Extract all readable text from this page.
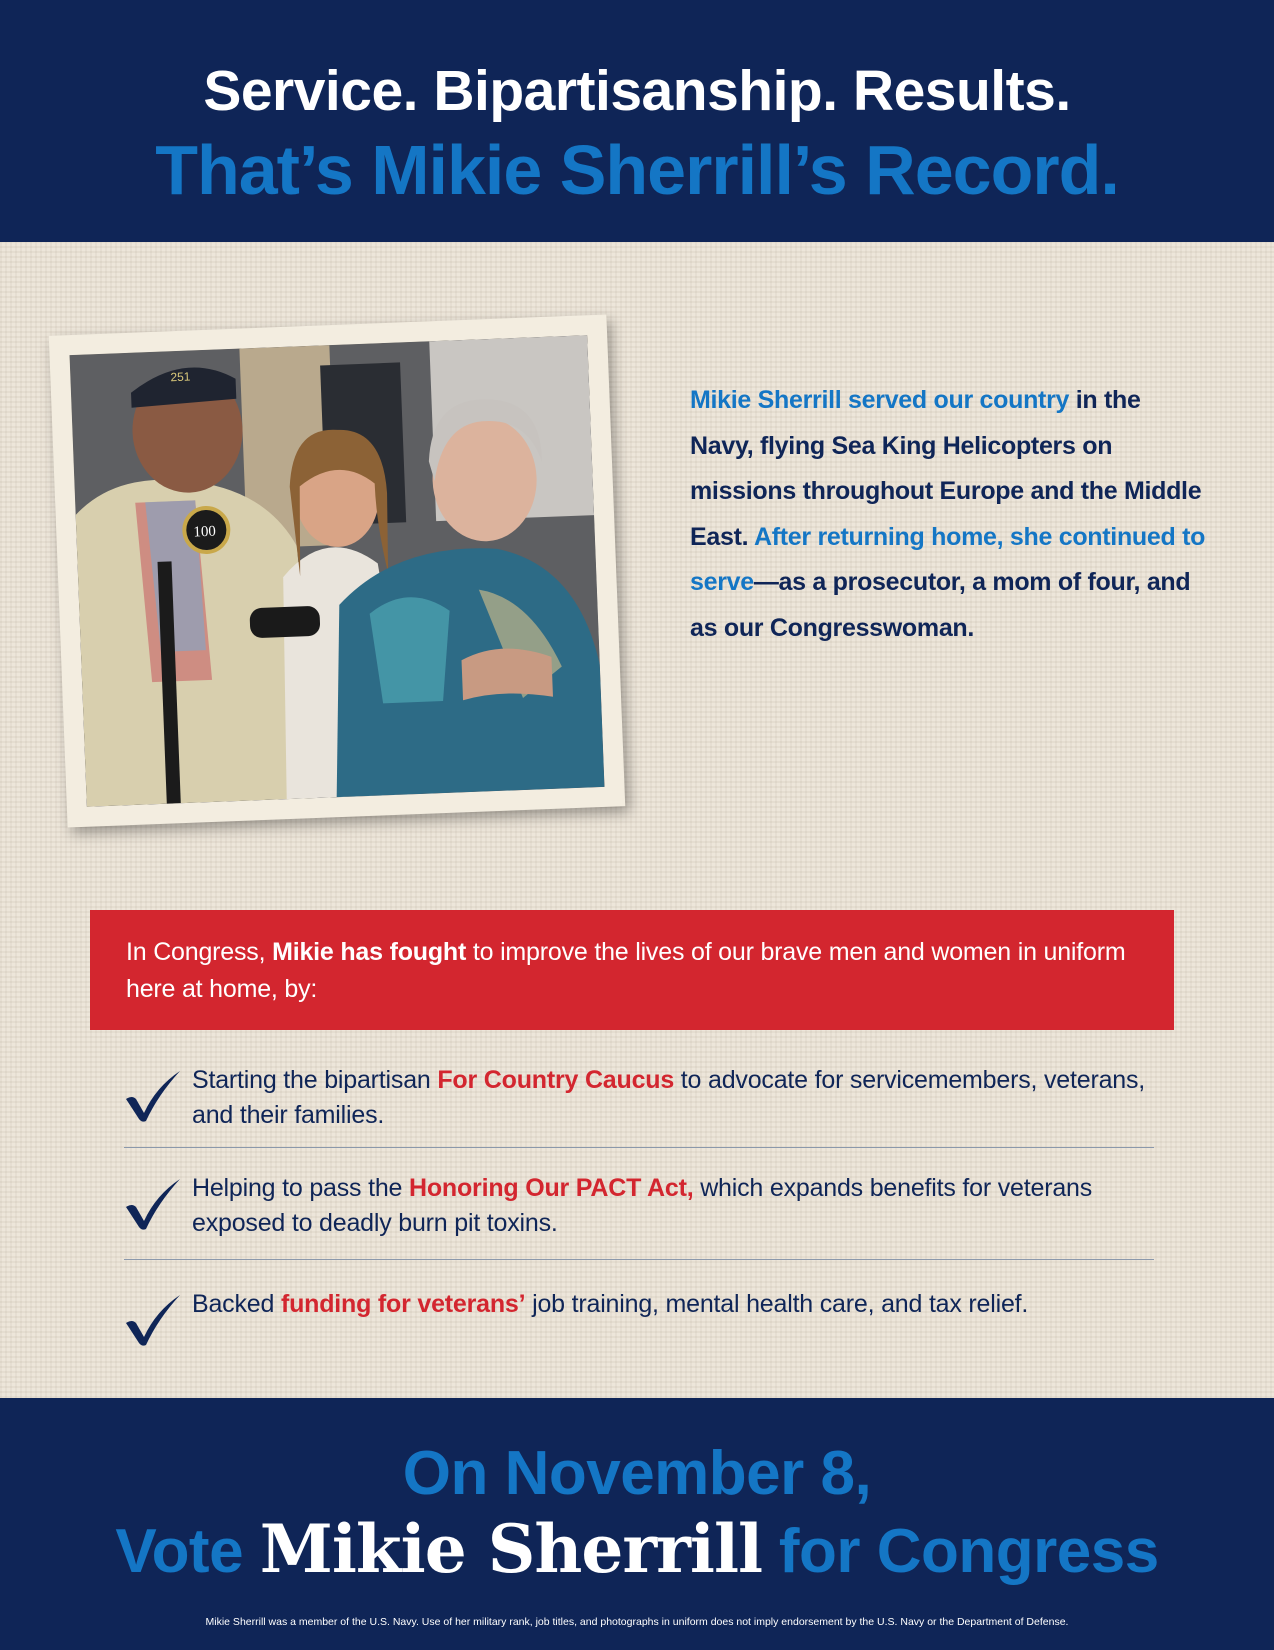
Service. Bipartisanship. Results.
That’s Mikie Sherrill’s Record.
251
100
Mikie Sherrill served our country in the Navy, flying Sea King Helicopters on missions throughout Europe and the Middle East. After returning home, she continued to serve—as a prosecutor, a mom of four, and as our Congresswoman.
In Congress, Mikie has fought to improve the lives of our brave men and women in uniform here at home, by:
Starting the bipartisan For Country Caucus to advocate for servicemembers, veterans, and their families.
Helping to pass the Honoring Our PACT Act, which expands benefits for veterans exposed to deadly burn pit toxins.
Backed funding for veterans’ job training, mental health care, and tax relief.
On November 8,
Vote Mikie Sherrill for Congress
Mikie Sherrill was a member of the U.S. Navy. Use of her military rank, job titles, and photographs in uniform does not imply endorsement by the U.S. Navy or the Department of Defense.
